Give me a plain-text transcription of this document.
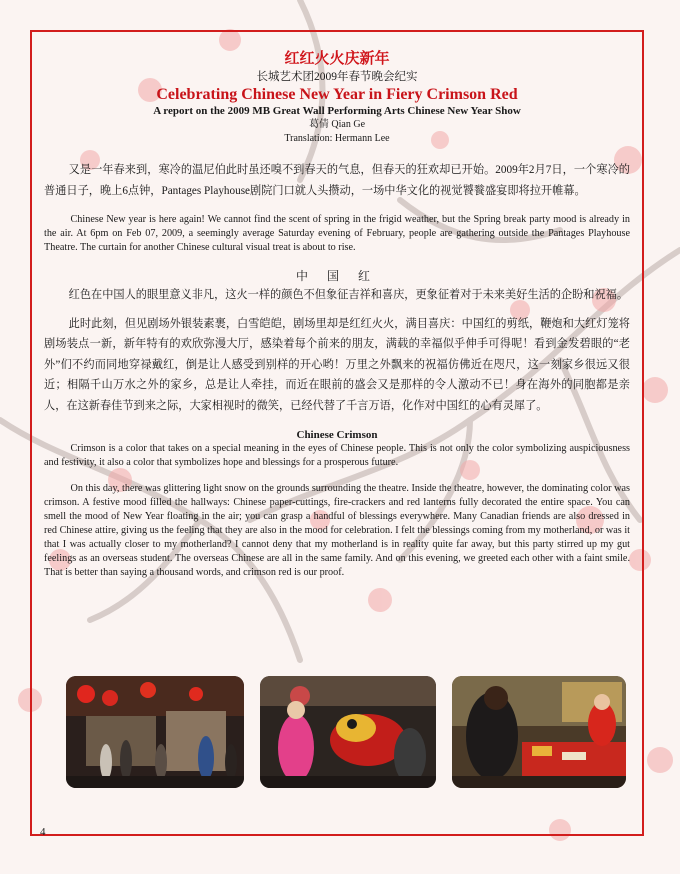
红红火火庆新年

长城艺术团2009年春节晚会纪实

Celebrating Chinese New Year in Fiery Crimson Red

A report on the 2009 MB Great Wall Performing Arts Chinese New Year Show

葛倩 Qian Ge

Translation: Hermann Lee

又是一年春来到，寒冷的温尼伯此时虽还嗅不到春天的气息，但春天的狂欢却已开始。2009年2月7日，一个寒冷的普通日子，晚上6点钟，Pantages Playhouse剧院门口就人头攒动，一场中华文化的视觉饕餮盛宴即将拉开帷幕。

Chinese New year is here again! We cannot find the scent of spring in the frigid weather, but the Spring break party mood is already in the air. At 6pm on Feb 07, 2009, a seemingly average Saturday evening of February, people are gathering outside the Pantages Playhouse Theatre. The curtain for another Chinese cultural visual treat is about to rise.

中 国 红

红色在中国人的眼里意义非凡，这火一样的颜色不但象征吉祥和喜庆，更象征着对于未来美好生活的企盼和祝福。

此时此刻，但见剧场外银装素裹，白雪皑皑，剧场里却是红红火火，满目喜庆：中国红的剪纸，鞭炮和大红灯笼将剧场装点一新，新年特有的欢欣弥漫大厅，感染着每个前来的朋友，满载的幸福似乎伸手可得呢！看到金发碧眼的“老外”们不约而同地穿禄戴红，倒是让人感受到别样的开心哟！万里之外飘来的祝福仿佛近在咫尺，这一刻家乡很远又很近；相隔千山万水之外的家乡，总是让人牵挂，而近在眼前的盛会又是那样的令人激动不已！身在海外的同胞都是亲人，在这新春佳节到来之际，大家相视时的微笑，已经代替了千言万语，化作对中国红的心有灵犀了。

Chinese Crimson

Crimson is a color that takes on a special meaning in the eyes of Chinese people. This is not only the color symbolizing auspiciousness and festivity, it also a color that symbolizes hope and blessings for a prosperous future.

On this day, there was glittering light snow on the grounds surrounding the theatre. Inside the theatre, however, the dominating color was crimson. A festive mood filled the hallways: Chinese paper-cuttings, fire-crackers and red lanterns fully decorated the entire space. You can smell the mood of New Year floating in the air; you can grasp a handful of blessings everywhere. Many Canadian friends are also dressed in red Chinese attire, giving us the feeling that they are also in the mood for celebration. I felt the blessings coming from my motherland, or was it that I was actually closer to my motherland? I cannot deny that my motherland is in reality quite far away, but this party stirred up my gut feelings as an overseas student. The overseas Chinese are all in the same family. And on this evening, we greeted each other with a faint smile. That is better than saying a thousand words, and crimson red is our proof.

4
